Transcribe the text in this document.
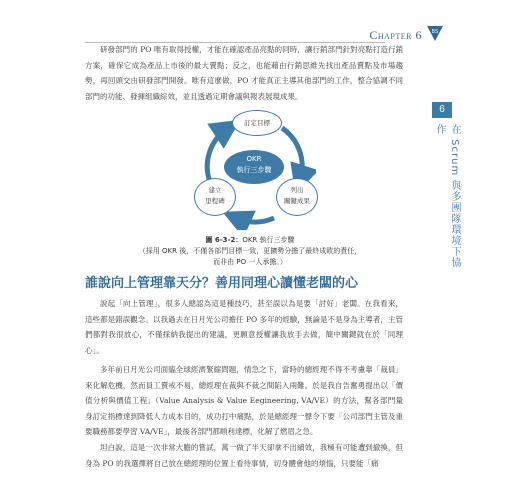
Chapter 6 BS
6
在 Scrum 與多團隊環境下協作

研發部門的 PO 唯有取得授權，才能在確認產品亮點的同時，讓行銷部門針對亮點打造行銷方案，確保它成為產品上市後的最大賣點；反之，也能藉由行銷思維先找出產品賣點及市場趨勢，再回頭交由研發部門開發。唯有這麼做，PO 才能真正主導其他部門的工作，整合協調不同部門的功能、發揮組織綜效，並且透過定期會議與報表展現成果。

訂定目標
OKR
執行三步驟
列出
關鍵成果
建立
里程碑
圖 6-3-2：OKR 執行三步驟
（採用 OKR 後，不僅各部門目標一致，更擴勢分擔了最終成敗的責任，
而非由 PO 一人承擔。）
誰說向上管理靠天分？善用同理心讀懂老闆的心

說起「向上管理」，很多人總認為這是種技巧，甚至誤以為是要「討好」老闆。在我看來，這些都是錯誤觀念。以我過去在日月光公司擔任 PO 多年的經驗，無論是不是身為主導者，主管們都對我很放心，不僅採納我提出的建議，更願意授權讓我放手去做，簡中關鍵就在於「同理心」。

多年前日月光公司面臨全球經濟緊縮問題，情急之下，當時的總經理不得不考慮靠「裁員」來化解危機，然而員工賣戒不易，總經理在裁與不裁之間陷入兩難。於是我自告奮勇提出以「價值分析與價值工程」（Value Analysis & Value Eegineering, VA/VE）的方法，幫各部門量身訂定指標達到降低人力成本目的，成功打中痛點，於是總經理一聲令下要「公司部門主管及重要職務都要學習 VA/VE」，最後各部門都順利達標，化解了燃眉之急。

坦白說，這是一次非常大膽的嘗試，萬一做了半天卻拿不出績效，我極有可能遭到撤換，但身為 PO 的我選擇將自己放在總經理的位置上看待事情，切身體會他的煩惱，只要能「痛
